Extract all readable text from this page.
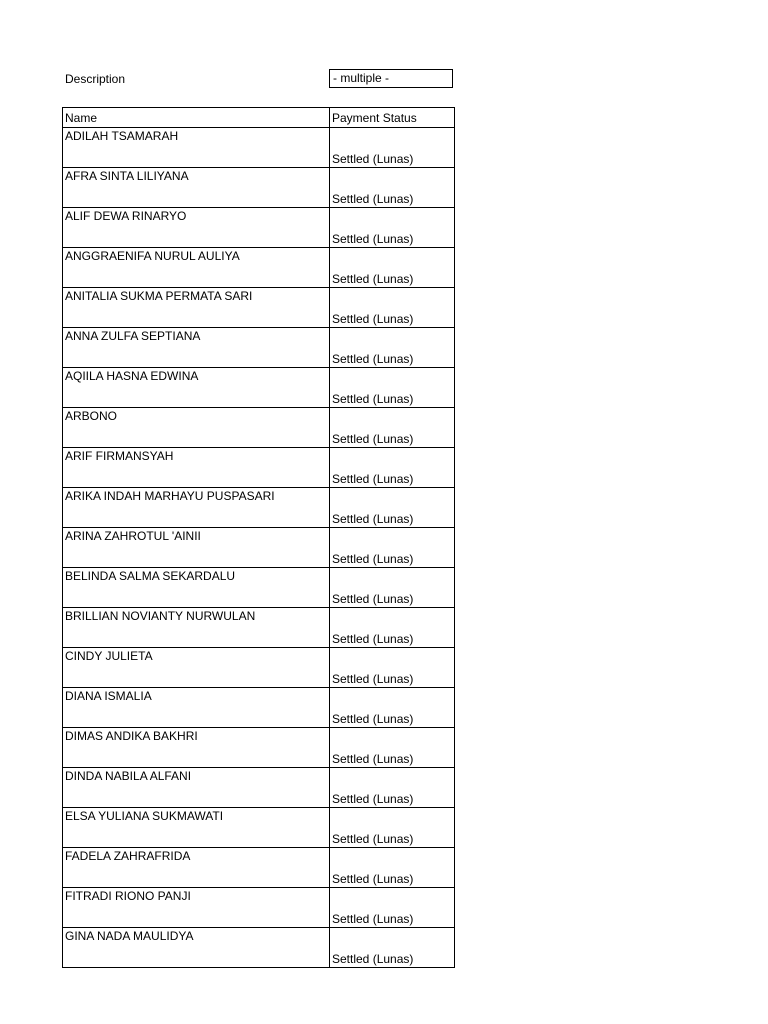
Description	- multiple -
Name	Payment Status
ADILAH TSAMARAH	Settled (Lunas)
AFRA SINTA LILIYANA	Settled (Lunas)
ALIF DEWA RINARYO	Settled (Lunas)
ANGGRAENIFA NURUL AULIYA	Settled (Lunas)
ANITALIA SUKMA PERMATA SARI	Settled (Lunas)
ANNA ZULFA SEPTIANA	Settled (Lunas)
AQIILA HASNA EDWINA	Settled (Lunas)
ARBONO	Settled (Lunas)
ARIF FIRMANSYAH	Settled (Lunas)
ARIKA INDAH MARHAYU PUSPASARI	Settled (Lunas)
ARINA ZAHROTUL 'AINII	Settled (Lunas)
BELINDA SALMA SEKARDALU	Settled (Lunas)
BRILLIAN NOVIANTY NURWULAN	Settled (Lunas)
CINDY JULIETA	Settled (Lunas)
DIANA ISMALIA	Settled (Lunas)
DIMAS ANDIKA BAKHRI	Settled (Lunas)
DINDA NABILA ALFANI	Settled (Lunas)
ELSA YULIANA SUKMAWATI	Settled (Lunas)
FADELA ZAHRAFRIDA	Settled (Lunas)
FITRADI RIONO PANJI	Settled (Lunas)
GINA NADA MAULIDYA	Settled (Lunas)
